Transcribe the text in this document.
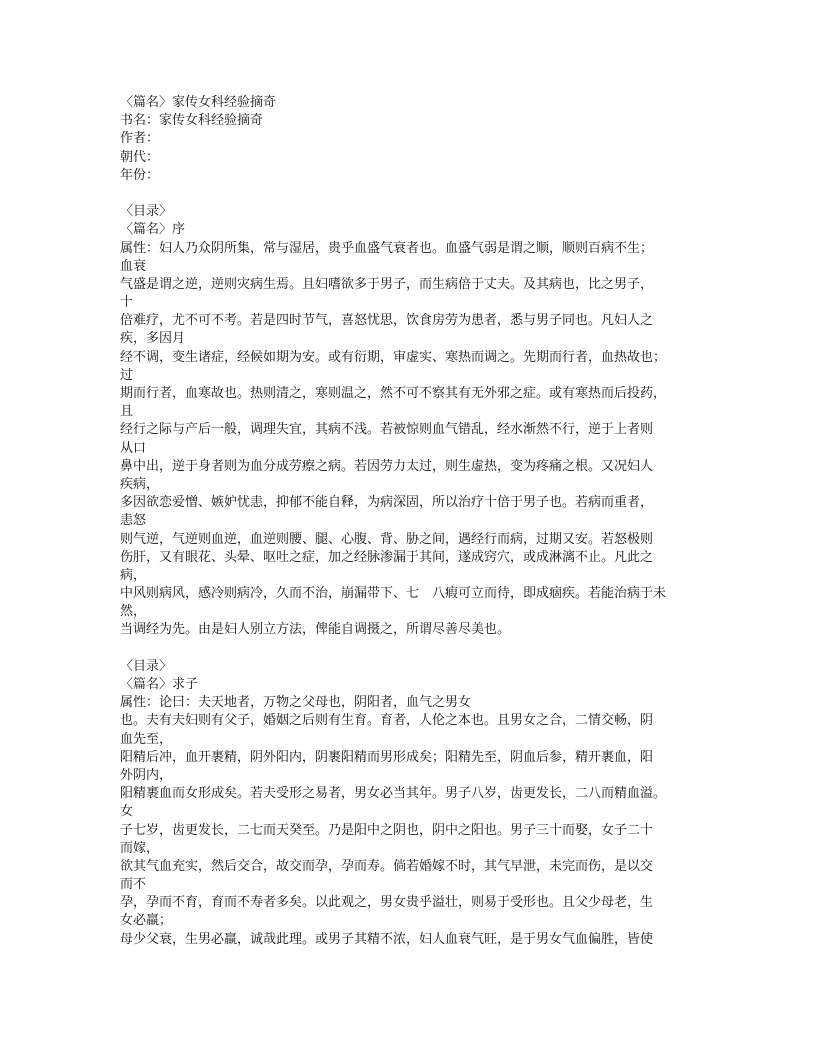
〈篇名〉家传女科经验摘奇
书名：家传女科经验摘奇
作者：
朝代：
年份：
〈目录〉
〈篇名〉序
属性：妇人乃众阴所集，常与湿居，贵乎血盛气衰者也。血盛气弱是谓之顺，顺则百病不生；
血衰
气盛是谓之逆，逆则灾病生焉。且妇嗜欲多于男子，而生病倍于丈夫。及其病也，比之男子，
十
倍难疗，尤不可不考。若是四时节气，喜怒忧思，饮食房劳为患者，悉与男子同也。凡妇人之
疾，多因月
经不调，变生诸症，经候如期为安。或有衍期，审虚实、寒热而调之。先期而行者，血热故也；
过
期而行者，血寒故也。热则清之，寒则温之，然不可不察其有无外邪之症。或有寒热而后投药，
且
经行之际与产后一般，调理失宜，其病不浅。若被惊则血气错乱，经水渐然不行，逆于上者则
从口
鼻中出，逆于身者则为血分成劳瘵之病。若因劳力太过，则生虚热，变为疼痛之根。又况妇人
疾病，
多因欲恋爱憎、嫉妒忧恚，抑郁不能自释，为病深固，所以治疗十倍于男子也。若病而重者，
恚怒
则气逆，气逆则血逆，血逆则腰、腿、心腹、背、胁之间，遇经行而病，过期又安。若怒极则
伤肝，又有眼花、头晕、呕吐之症，加之经脉渗漏于其间，遂成窍穴，或成淋漓不止。凡此之
病，
中风则病风，感冷则病冷，久而不治，崩漏带下、七　八瘕可立而待，即成痼疾。若能治病于未
然，
当调经为先。由是妇人别立方法，俾能自调摄之，所谓尽善尽美也。
〈目录〉
〈篇名〉求子
属性：论曰：夫天地者，万物之父母也，阴阳者，血气之男女
也。夫有夫妇则有父子，婚姻之后则有生育。育者，人伦之本也。且男女之合，二情交畅，阴
血先至，
阳精后冲，血开裹精，阴外阳内，阴裹阳精而男形成矣；阳精先至，阴血后参，精开裹血，阳
外阴内，
阳精裹血而女形成矣。若夫受形之易者，男女必当其年。男子八岁，齿更发长，二八而精血溢。
女
子七岁，齿更发长，二七而天癸至。乃是阳中之阴也，阴中之阳也。男子三十而娶，女子二十
而嫁，
欲其气血充实，然后交合，故交而孕，孕而寿。倘若婚嫁不时，其气早泄，未完而伤，是以交
而不
孕，孕而不育，育而不寿者多矣。以此观之，男女贵乎溢壮，则易于受形也。且父少母老，生
女必羸；
母少父衰，生男必羸，诚哉此理。或男子其精不浓，妇人血衰气旺，是于男女气血偏胜，皆使
